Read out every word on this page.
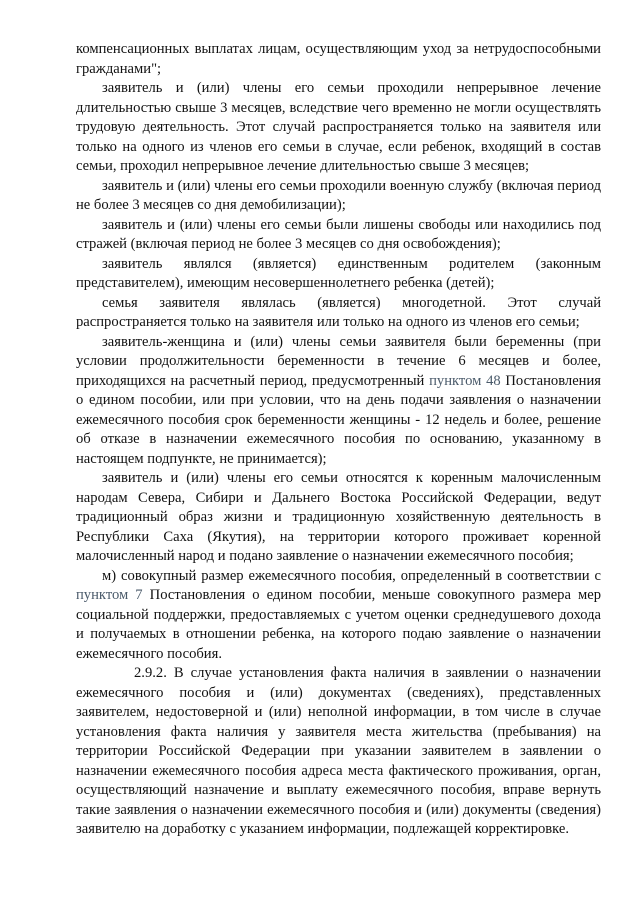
компенсационных выплатах лицам, осуществляющим уход за нетрудоспособными гражданами";

заявитель и (или) члены его семьи проходили непрерывное лечение длительностью свыше 3 месяцев, вследствие чего временно не могли осуществлять трудовую деятельность. Этот случай распространяется только на заявителя или только на одного из членов его семьи в случае, если ребенок, входящий в состав семьи, проходил непрерывное лечение длительностью свыше 3 месяцев;

заявитель и (или) члены его семьи проходили военную службу (включая период не более 3 месяцев со дня демобилизации);

заявитель и (или) члены его семьи были лишены свободы или находились под стражей (включая период не более 3 месяцев со дня освобождения);

заявитель являлся (является) единственным родителем (законным представителем), имеющим несовершеннолетнего ребенка (детей);

семья заявителя являлась (является) многодетной. Этот случай распространяется только на заявителя или только на одного из членов его семьи;

заявитель-женщина и (или) члены семьи заявителя были беременны (при условии продолжительности беременности в течение 6 месяцев и более, приходящихся на расчетный период, предусмотренный пунктом 48 Постановления о едином пособии, или при условии, что на день подачи заявления о назначении ежемесячного пособия срок беременности женщины - 12 недель и более, решение об отказе в назначении ежемесячного пособия по основанию, указанному в настоящем подпункте, не принимается);

заявитель и (или) члены его семьи относятся к коренным малочисленным народам Севера, Сибири и Дальнего Востока Российской Федерации, ведут традиционный образ жизни и традиционную хозяйственную деятельность в Республики Саха (Якутия), на территории которого проживает коренной малочисленный народ и подано заявление о назначении ежемесячного пособия;

м) совокупный размер ежемесячного пособия, определенный в соответствии с пунктом 7 Постановления о едином пособии, меньше совокупного размера мер социальной поддержки, предоставляемых с учетом оценки среднедушевого дохода и получаемых в отношении ребенка, на которого подаю заявление о назначении ежемесячного пособия.

2.9.2. В случае установления факта наличия в заявлении о назначении ежемесячного пособия и (или) документах (сведениях), представленных заявителем, недостоверной и (или) неполной информации, в том числе в случае установления факта наличия у заявителя места жительства (пребывания) на территории Российской Федерации при указании заявителем в заявлении о назначении ежемесячного пособия адреса места фактического проживания, орган, осуществляющий назначение и выплату ежемесячного пособия, вправе вернуть такие заявления о назначении ежемесячного пособия и (или) документы (сведения) заявителю на доработку с указанием информации, подлежащей корректировке.
